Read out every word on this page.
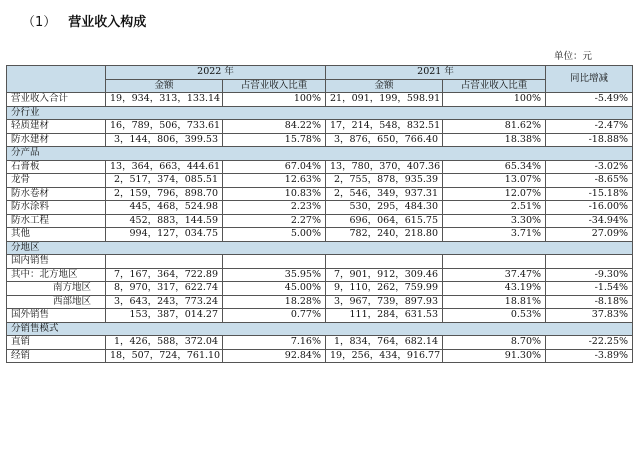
（1） 营业收入构成
单位：元
	2022 年		2021 年		同比增减
	金额	占营业收入比重	金额	占营业收入比重	
营业收入合计	19，934，313，133.14	100%	21，091，199，598.91	100%	-5.49%
分行业					
轻质建材	16，789，506，733.61	84.22%	17，214，548，832.51	81.62%	-2.47%
防水建材	3，144，806，399.53	15.78%	3，876，650，766.40	18.38%	-18.88%
分产品					
石膏板	13，364，663，444.61	67.04%	13，780，370，407.36	65.34%	-3.02%
龙骨	2，517，374，085.51	12.63%	2，755，878，935.39	13.07%	-8.65%
防水卷材	2，159，796，898.70	10.83%	2，546，349，937.31	12.07%	-15.18%
防水涂料	445，468，524.98	2.23%	530，295，484.30	2.51%	-16.00%
防水工程	452，883，144.59	2.27%	696，064，615.75	3.30%	-34.94%
其他	994，127，034.75	5.00%	782，240，218.80	3.71%	27.09%
分地区					
国内销售					
其中：北方地区	7，167，364，722.89	35.95%	7，901，912，309.46	37.47%	-9.30%
南方地区	8，970，317，622.74	45.00%	9，110，262，759.99	43.19%	-1.54%
西部地区	3，643，243，773.24	18.28%	3，967，739，897.93	18.81%	-8.18%
国外销售	153，387，014.27	0.77%	111，284，631.53	0.53%	37.83%
分销售模式					
直销	1，426，588，372.04	7.16%	1，834，764，682.14	8.70%	-22.25%
经销	18，507，724，761.10	92.84%	19，256，434，916.77	91.30%	-3.89%
